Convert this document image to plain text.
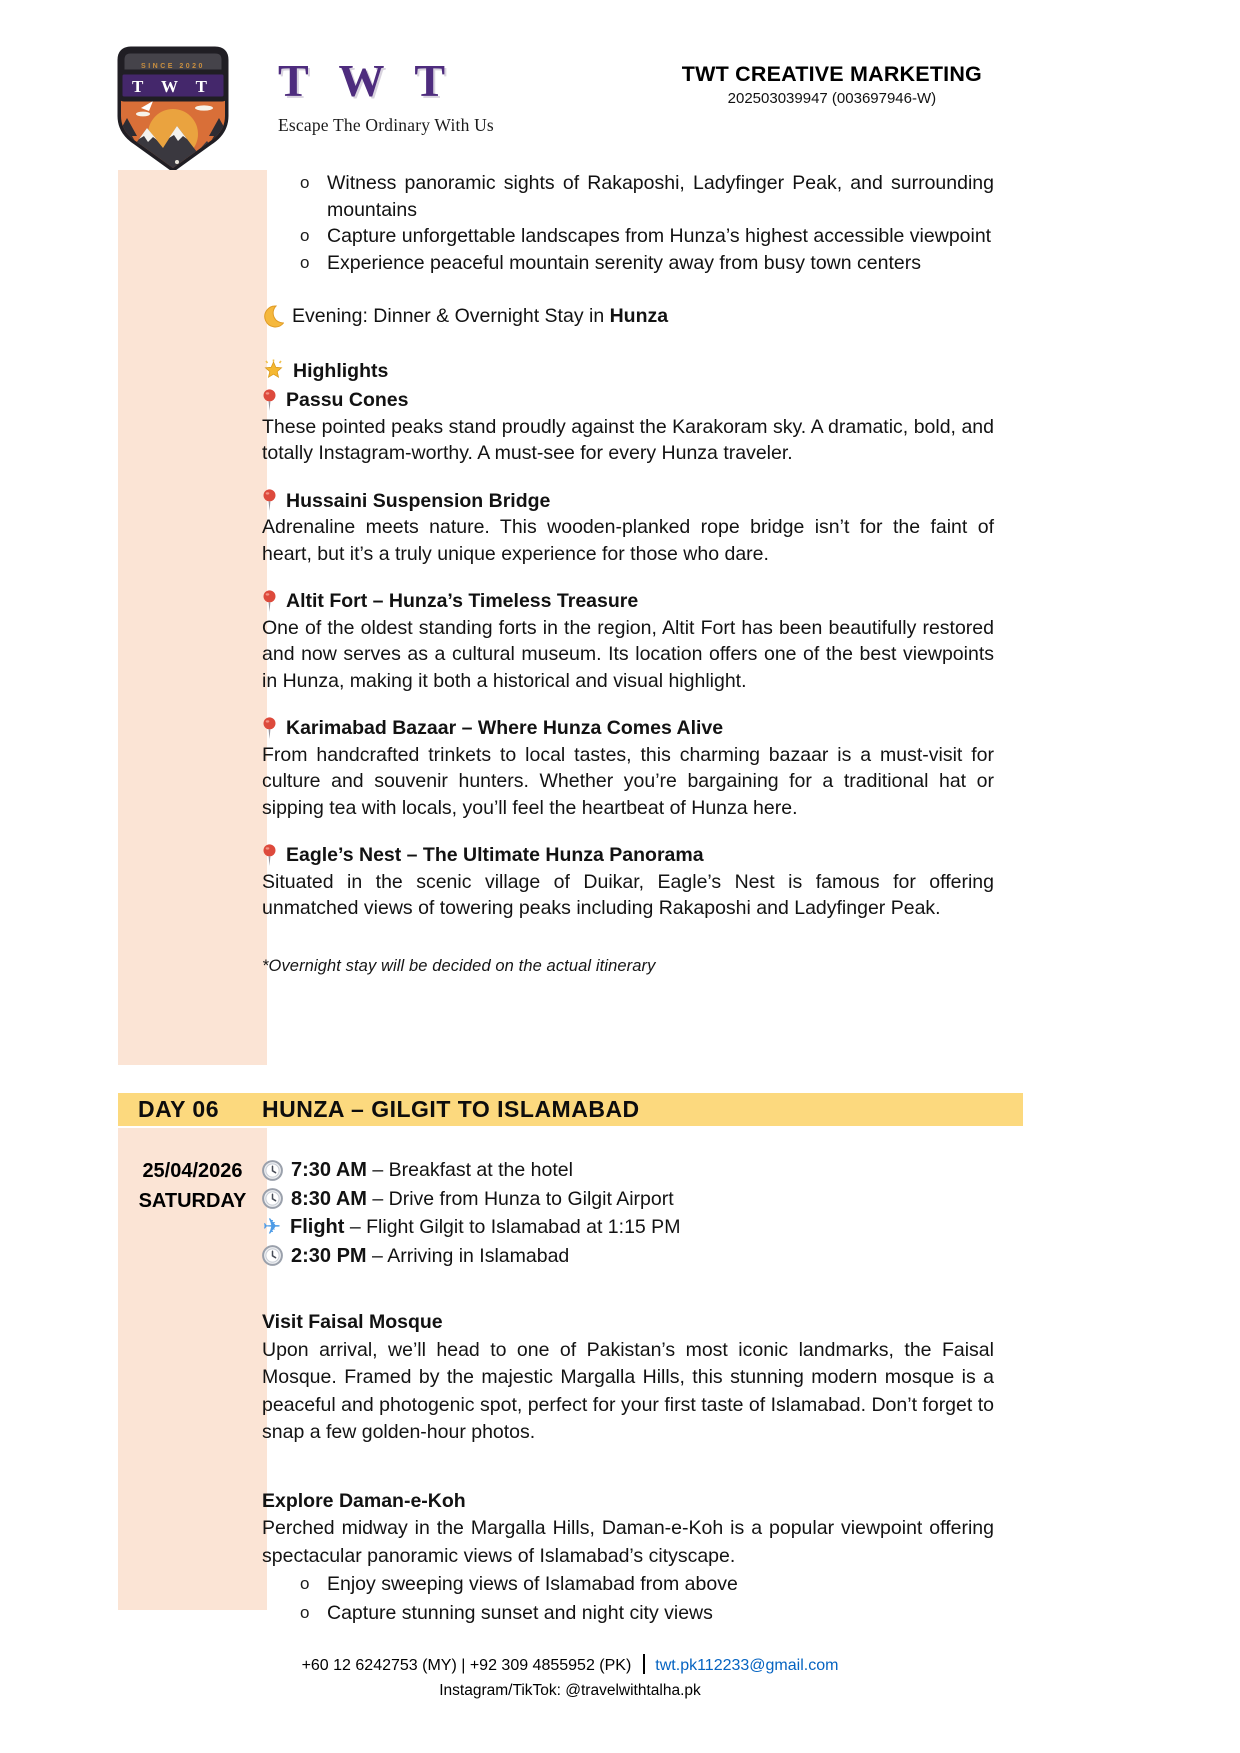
SINCE 2020
T W T T W T
Escape The Ordinary With Us
TWT CREATIVE MARKETING
202503039947 (003697946-W)
25/04/2026
SATURDAY
o Witness panoramic sights of Rakaposhi, Ladyfinger Peak, and surrounding mountains
o Capture unforgettable landscapes from Hunza’s highest accessible viewpoint
o Experience peaceful mountain serenity away from busy town centers
Evening: Dinner & Overnight Stay in Hunza
Highlights
Passu Cones

These pointed peaks stand proudly against the Karakoram sky. A dramatic, bold, and totally Instagram-worthy. A must-see for every Hunza traveler.

Hussaini Suspension Bridge

Adrenaline meets nature. This wooden-planked rope bridge isn’t for the faint of heart, but it’s a truly unique experience for those who dare.

Altit Fort – Hunza’s Timeless Treasure

One of the oldest standing forts in the region, Altit Fort has been beautifully restored and now serves as a cultural museum. Its location offers one of the best viewpoints in Hunza, making it both a historical and visual highlight.

Karimabad Bazaar – Where Hunza Comes Alive

From handcrafted trinkets to local tastes, this charming bazaar is a must-visit for culture and souvenir hunters. Whether you’re bargaining for a traditional hat or sipping tea with locals, you’ll feel the heartbeat of Hunza here.

Eagle’s Nest – The Ultimate Hunza Panorama

Situated in the scenic village of Duikar, Eagle’s Nest is famous for offering unmatched views of towering peaks including Rakaposhi and Ladyfinger Peak.

*Overnight stay will be decided on the actual itinerary

DAY 06 HUNZA – GILGIT TO ISLAMABAD
7:30 AM – Breakfast at the hotel
8:30 AM – Drive from Hunza to Gilgit Airport
✈ Flight – Flight Gilgit to Islamabad at 1:15 PM
2:30 PM – Arriving in Islamabad
Visit Faisal Mosque

Upon arrival, we’ll head to one of Pakistan’s most iconic landmarks, the Faisal Mosque. Framed by the majestic Margalla Hills, this stunning modern mosque is a peaceful and photogenic spot, perfect for your first taste of Islamabad. Don’t forget to snap a few golden-hour photos.

Explore Daman-e-Koh

Perched midway in the Margalla Hills, Daman-e-Koh is a popular viewpoint offering spectacular panoramic views of Islamabad’s cityscape.

o Enjoy sweeping views of Islamabad from above
o Capture stunning sunset and night city views
+60 12 6242753 (MY) | +92 309 4855952 (PK) twt.pk112233@gmail.com
Instagram/TikTok: @travelwithtalha.pk
